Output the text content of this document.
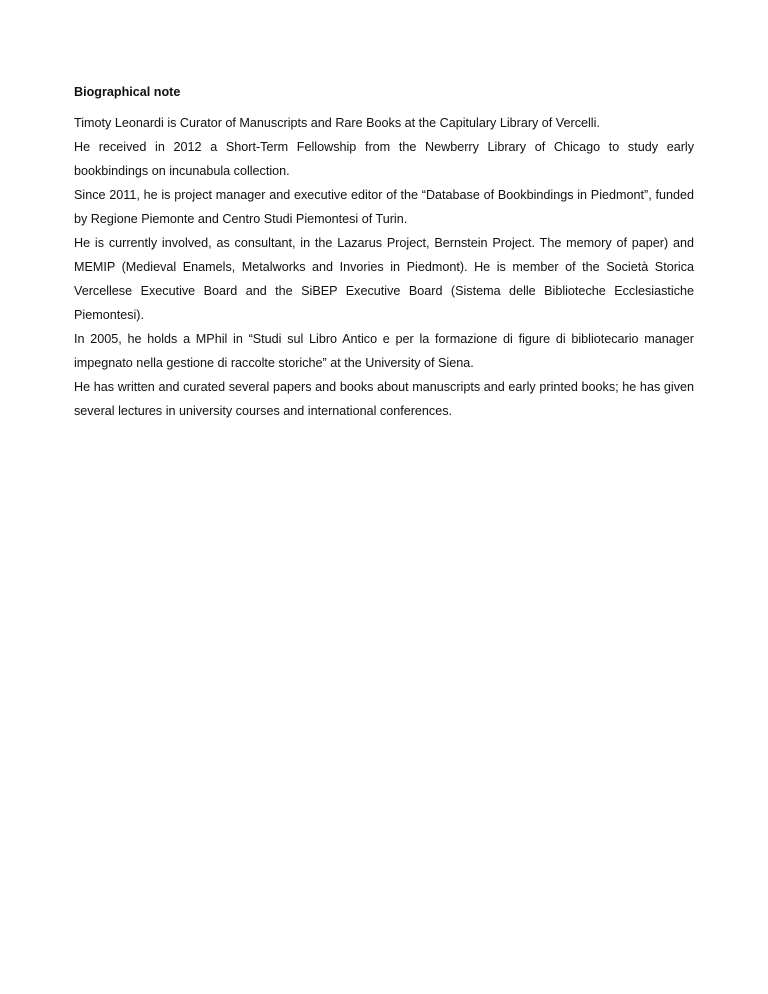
Biographical note

Timoty Leonardi is Curator of Manuscripts and Rare Books at the Capitulary Library of Vercelli.

He received in 2012 a Short-Term Fellowship from the Newberry Library of Chicago to study early bookbindings on incunabula collection.

Since 2011, he is project manager and executive editor of the “Database of Bookbindings in Piedmont”, funded by Regione Piemonte and Centro Studi Piemontesi of Turin.

He is currently involved, as consultant, in the Lazarus Project, Bernstein Project. The memory of paper) and MEMIP (Medieval Enamels, Metalworks and Invories in Piedmont). He is member of the Società Storica Vercellese Executive Board and the SiBEP Executive Board (Sistema delle Biblioteche Ecclesiastiche Piemontesi).

In 2005, he holds a MPhil in “Studi sul Libro Antico e per la formazione di figure di bibliotecario manager impegnato nella gestione di raccolte storiche” at the University of Siena.

He has written and curated several papers and books about manuscripts and early printed books; he has given several lectures in university courses and international conferences.
